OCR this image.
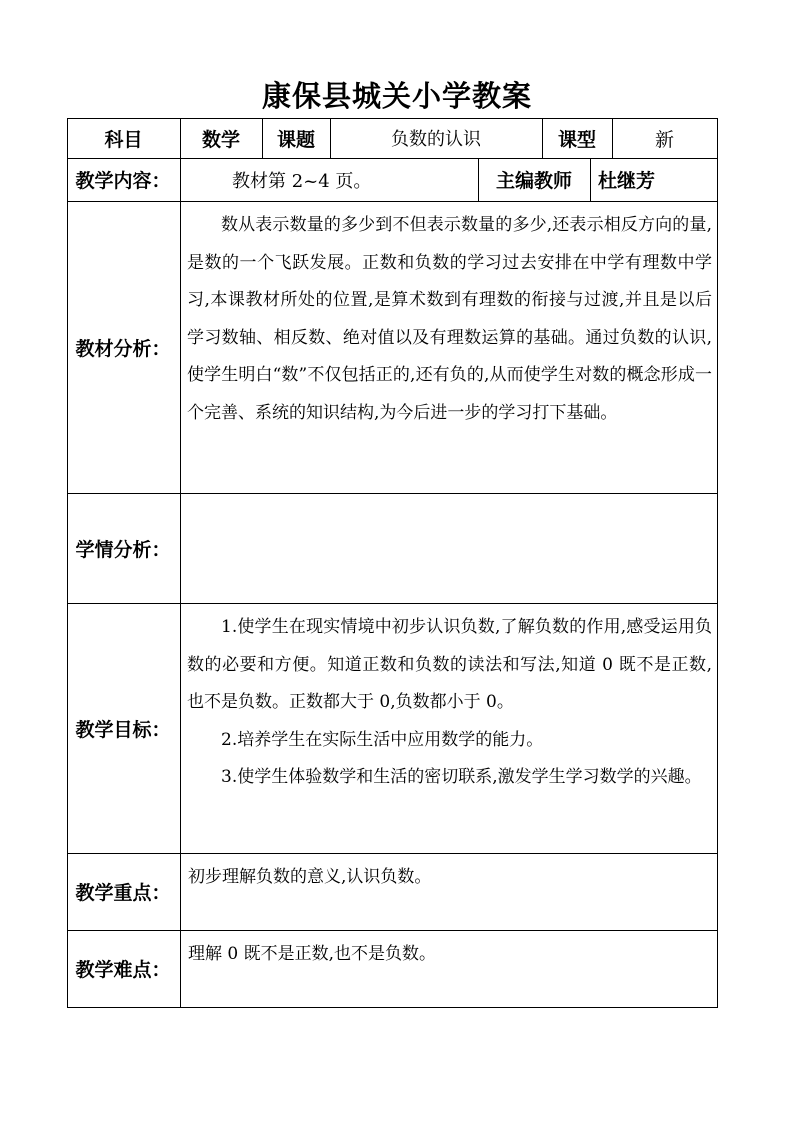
康保县城关小学教案
科目	数学	课题	负数的认识	课型	新
教学内容：	教材第 2~4 页。	主编教师	杜继芳
教材分析：

数从表示数量的多少到不但表示数量的多少,还表示相反方向的量,是数的一个飞跃发展。正数和负数的学习过去安排在中学有理数中学习,本课教材所处的位置,是算术数到有理数的衔接与过渡,并且是以后学习数轴、相反数、绝对值以及有理数运算的基础。通过负数的认识,使学生明白“数”不仅包括正的,还有负的,从而使学生对数的概念形成一个完善、系统的知识结构,为今后进一步的学习打下基础。

学情分析：
教学目标：

1.使学生在现实情境中初步认识负数,了解负数的作用,感受运用负数的必要和方便。知道正数和负数的读法和写法,知道 0 既不是正数,也不是负数。正数都大于 0,负数都小于 0。

2.培养学生在实际生活中应用数学的能力。

3.使学生体验数学和生活的密切联系,激发学生学习数学的兴趣。

教学重点：
初步理解负数的意义,认识负数。
教学难点：
理解 0 既不是正数,也不是负数。
